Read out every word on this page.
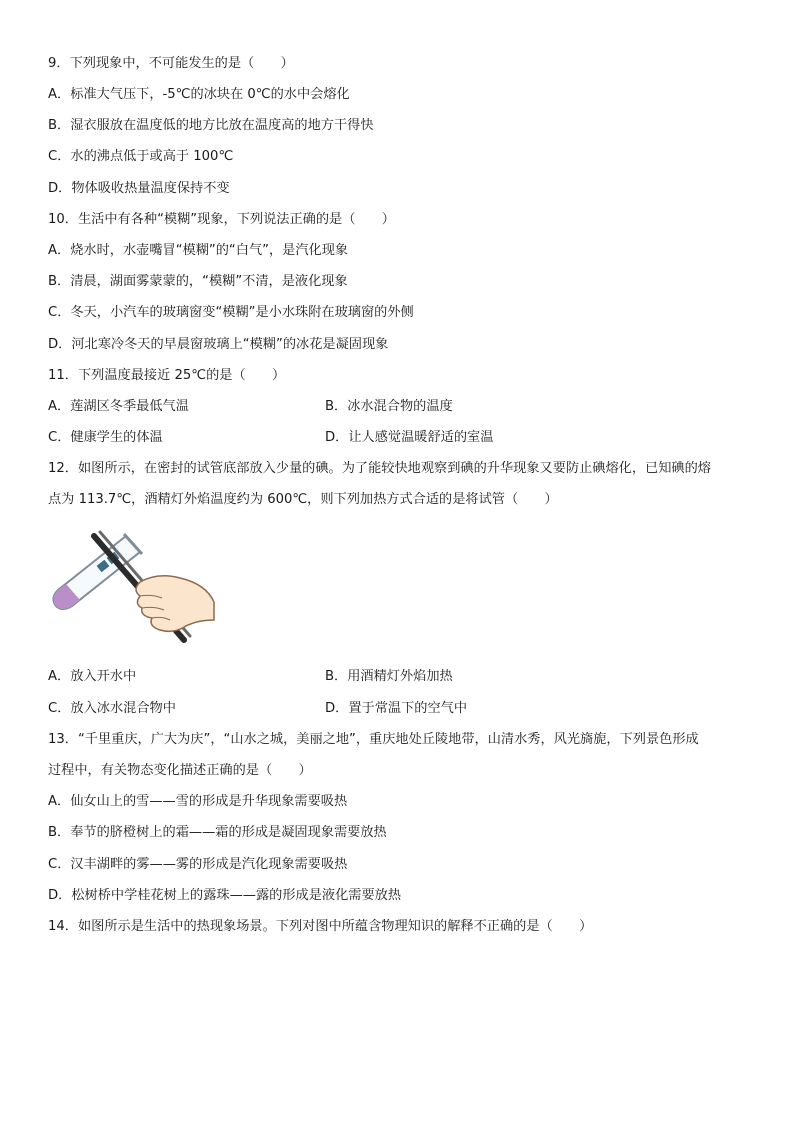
9．下列现象中，不可能发生的是（　　）
A．标准大气压下，-5℃的冰块在 0℃的水中会熔化
B．湿衣服放在温度低的地方比放在温度高的地方干得快
C．水的沸点低于或高于 100℃
D．物体吸收热量温度保持不变
10．生活中有各种“模糊”现象，下列说法正确的是（　　）
A．烧水时，水壶嘴冒“模糊”的“白气”，是汽化现象
B．清晨，湖面雾蒙蒙的，“模糊”不清，是液化现象
C．冬天，小汽车的玻璃窗变“模糊”是小水珠附在玻璃窗的外侧
D．河北寒冷冬天的早晨窗玻璃上“模糊”的冰花是凝固现象
11．下列温度最接近 25℃的是（　　）
A．莲湖区冬季最低气温	B．冰水混合物的温度
C．健康学生的体温	D．让人感觉温暖舒适的室温
12．如图所示，在密封的试管底部放入少量的碘。为了能较快地观察到碘的升华现象又要防止碘熔化，已知碘的熔
点为 113.7℃，酒精灯外焰温度约为 600℃，则下列加热方式合适的是将试管（　　）
A．放入开水中	B．用酒精灯外焰加热
C．放入冰水混合物中	D．置于常温下的空气中
13．“千里重庆，广大为庆”，“山水之城，美丽之地”，重庆地处丘陵地带，山清水秀，风光旖旎，下列景色形成
过程中，有关物态变化描述正确的是（　　）
A．仙女山上的雪——雪的形成是升华现象需要吸热
B．奉节的脐橙树上的霜——霜的形成是凝固现象需要放热
C．汉丰湖畔的雾——雾的形成是汽化现象需要吸热
D．松树桥中学桂花树上的露珠——露的形成是液化需要放热
14．如图所示是生活中的热现象场景。下列对图中所蕴含物理知识的解释不正确的是（　　）
